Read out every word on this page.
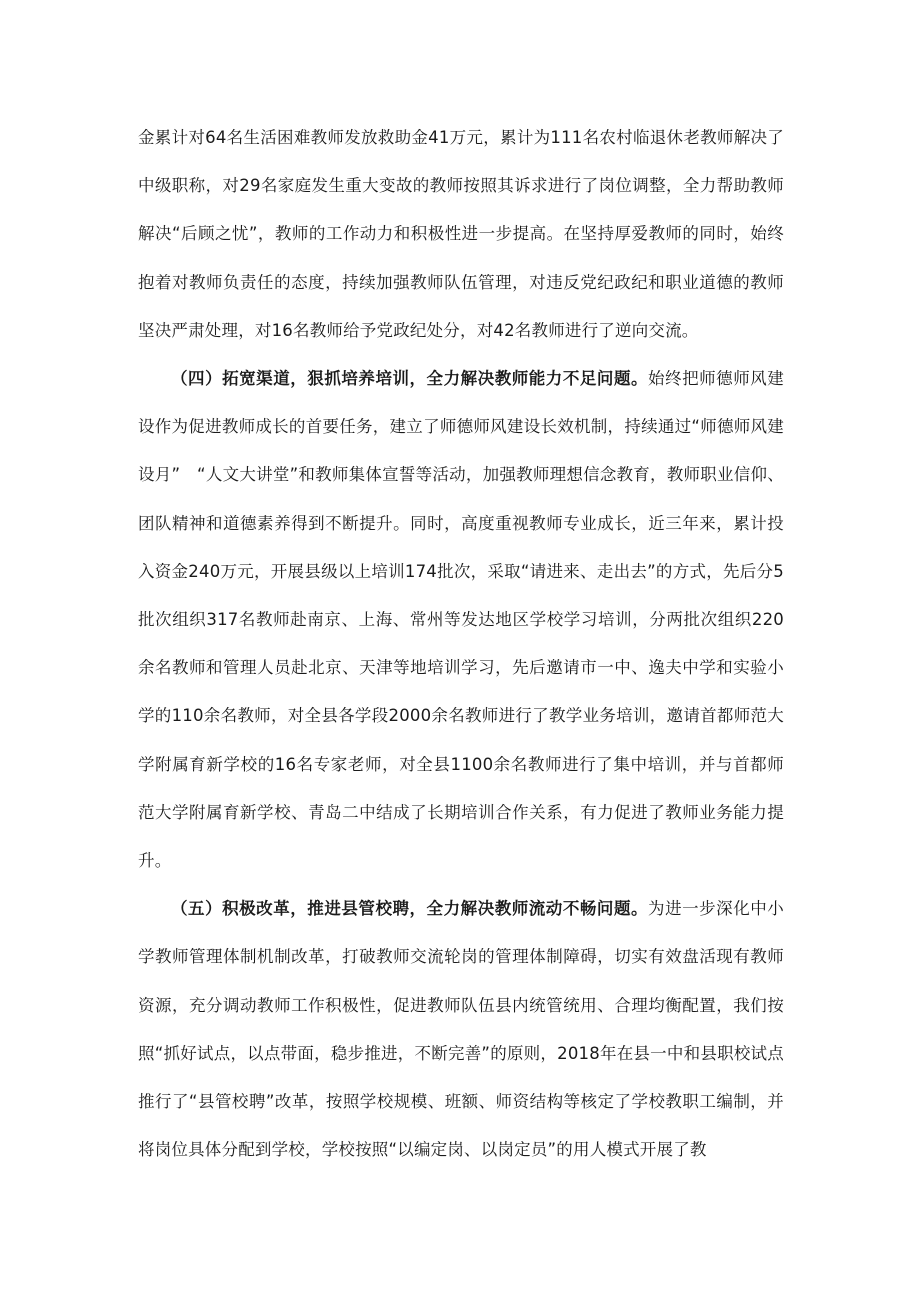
金累计对64名生活困难教师发放救助金41万元，累计为111名农村临退休老教师解决了中级职称，对29名家庭发生重大变故的教师按照其诉求进行了岗位调整，全力帮助教师解决“后顾之忧”，教师的工作动力和积极性进一步提高。在坚持厚爱教师的同时，始终抱着对教师负责任的态度，持续加强教师队伍管理，对违反党纪政纪和职业道德的教师坚决严肃处理，对16名教师给予党政纪处分，对42名教师进行了逆向交流。

（四）拓宽渠道，狠抓培养培训，全力解决教师能力不足问题。始终把师德师风建设作为促进教师成长的首要任务，建立了师德师风建设长效机制，持续通过“师德师风建设月”　“人文大讲堂”和教师集体宣誓等活动，加强教师理想信念教育，教师职业信仰、团队精神和道德素养得到不断提升。同时，高度重视教师专业成长，近三年来，累计投入资金240万元，开展县级以上培训174批次，采取“请进来、走出去”的方式，先后分5批次组织317名教师赴南京、上海、常州等发达地区学校学习培训，分两批次组织220余名教师和管理人员赴北京、天津等地培训学习，先后邀请市一中、逸夫中学和实验小学的110余名教师，对全县各学段2000余名教师进行了教学业务培训，邀请首都师范大学附属育新学校的16名专家老师，对全县1100余名教师进行了集中培训，并与首都师范大学附属育新学校、青岛二中结成了长期培训合作关系，有力促进了教师业务能力提升。

（五）积极改革，推进县管校聘，全力解决教师流动不畅问题。为进一步深化中小学教师管理体制机制改革，打破教师交流轮岗的管理体制障碍，切实有效盘活现有教师资源，充分调动教师工作积极性，促进教师队伍县内统管统用、合理均衡配置，我们按照“抓好试点，以点带面，稳步推进，不断完善”的原则，2018年在县一中和县职校试点推行了“县管校聘”改革，按照学校规模、班额、师资结构等核定了学校教职工编制，并将岗位具体分配到学校，学校按照“以编定岗、以岗定员”的用人模式开展了教
